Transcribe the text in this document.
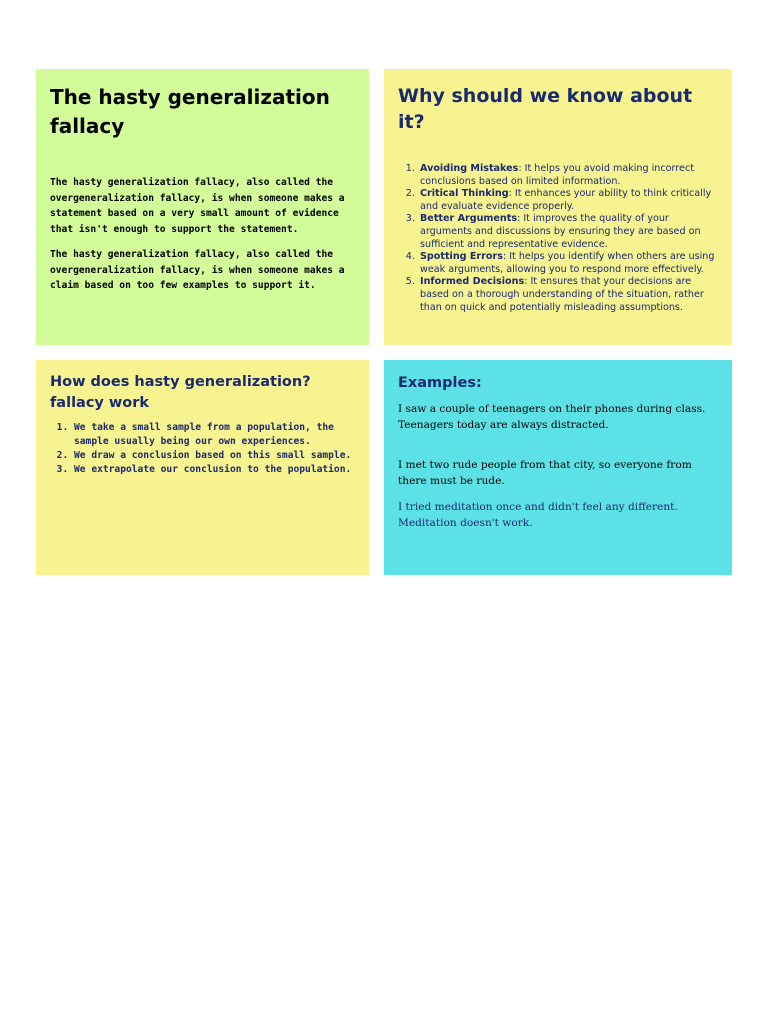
The hasty generalization fallacy

The hasty generalization fallacy, also called the overgeneralization fallacy, is when someone makes a statement based on a very small amount of evidence that isn't enough to support the statement.

The hasty generalization fallacy, also called the overgeneralization fallacy, is when someone makes a claim based on too few examples to support it.

Why should we know about it?
1. Avoiding Mistakes: It helps you avoid making incorrect conclusions based on limited information.
2. Critical Thinking: It enhances your ability to think critically and evaluate evidence properly.
3. Better Arguments: It improves the quality of your arguments and discussions by ensuring they are based on sufficient and representative evidence.
4. Spotting Errors: It helps you identify when others are using weak arguments, allowing you to respond more effectively.
5. Informed Decisions: It ensures that your decisions are based on a thorough understanding of the situation, rather than on quick and potentially misleading assumptions.
How does hasty generalization? fallacy work
1. We take a small sample from a population, the sample usually being our own experiences.
2. We draw a conclusion based on this small sample.
3. We extrapolate our conclusion to the population.
Examples:

I saw a couple of teenagers on their phones during class. Teenagers today are always distracted.

I met two rude people from that city, so everyone from there must be rude.

I tried meditation once and didn't feel any different. Meditation doesn't work.
